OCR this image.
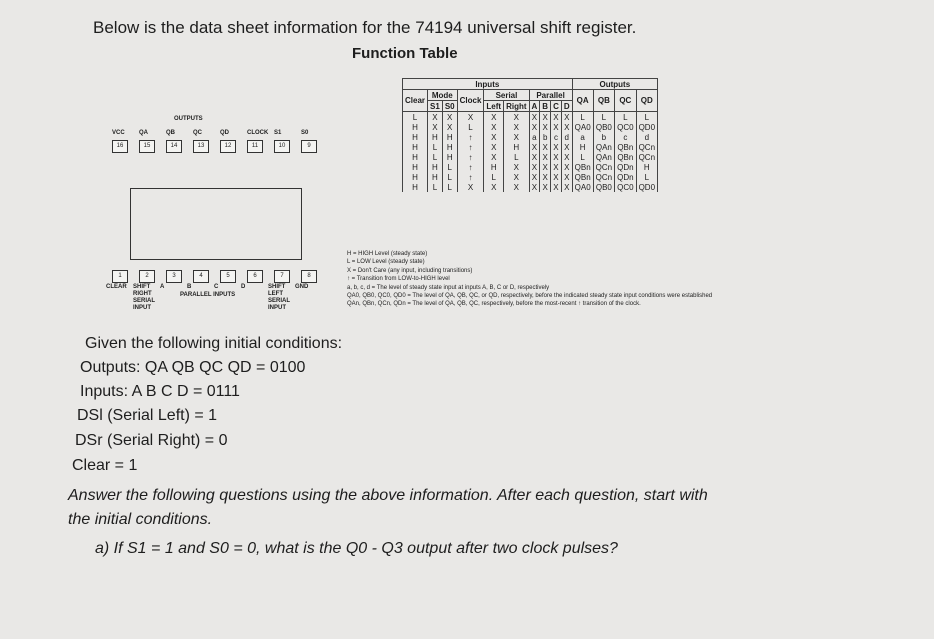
Below is the data sheet information for the 74194 universal shift register.
Function Table
OUTPUTS
VCC
16
QA
15
QB
14
QC
13
QD
12
CLOCK
11
S1
10
S0
9
1
CLEAR
2
SHIFT RIGHT SERIAL INPUT
3
A
4
B
5
C
6
D
7
SHIFT LEFT SERIAL INPUT
8
GND
PARALLEL INPUTS
Inputs										Outputs			
Clear	Mode		Clock	Serial		Parallel				QA	QB	QC	QD
	S1	S0		Left	Right	A	B	C	D				
L	X	X	X	X	X	X	X	X	X	L	L	L	L
H	X	X	L	X	X	X	X	X	X	QA0	QB0	QC0	QD0
H	H	H	↑	X	X	a	b	c	d	a	b	c	d
H	L	H	↑	X	H	X	X	X	X	H	QAn	QBn	QCn
H	L	H	↑	X	L	X	X	X	X	L	QAn	QBn	QCn
H	H	L	↑	H	X	X	X	X	X	QBn	QCn	QDn	H
H	H	L	↑	L	X	X	X	X	X	QBn	QCn	QDn	L
H	L	L	X	X	X	X	X	X	X	QA0	QB0	QC0	QD0
H = HIGH Level (steady state)
L = LOW Level (steady state)
X = Don't Care (any input, including transitions)
↑ = Transition from LOW-to-HIGH level
a, b, c, d = The level of steady state input at inputs A, B, C or D, respectively
QA0, QB0, QC0, QD0 = The level of QA, QB, QC, or QD, respectively, before the indicated steady state input conditions were established
QAn, QBn, QCn, QDn = The level of QA, QB, QC, respectively, before the most-recent ↑ transition of the clock.
Given the following initial conditions:
Outputs: QA QB QC QD = 0100
Inputs: A B C D = 0111
DSl (Serial Left) = 1
DSr (Serial Right) = 0
Clear = 1
Answer the following questions using the above information. After each question, start with
the initial conditions.
a) If S1 = 1 and S0 = 0, what is the Q0 - Q3 output after two clock pulses?
